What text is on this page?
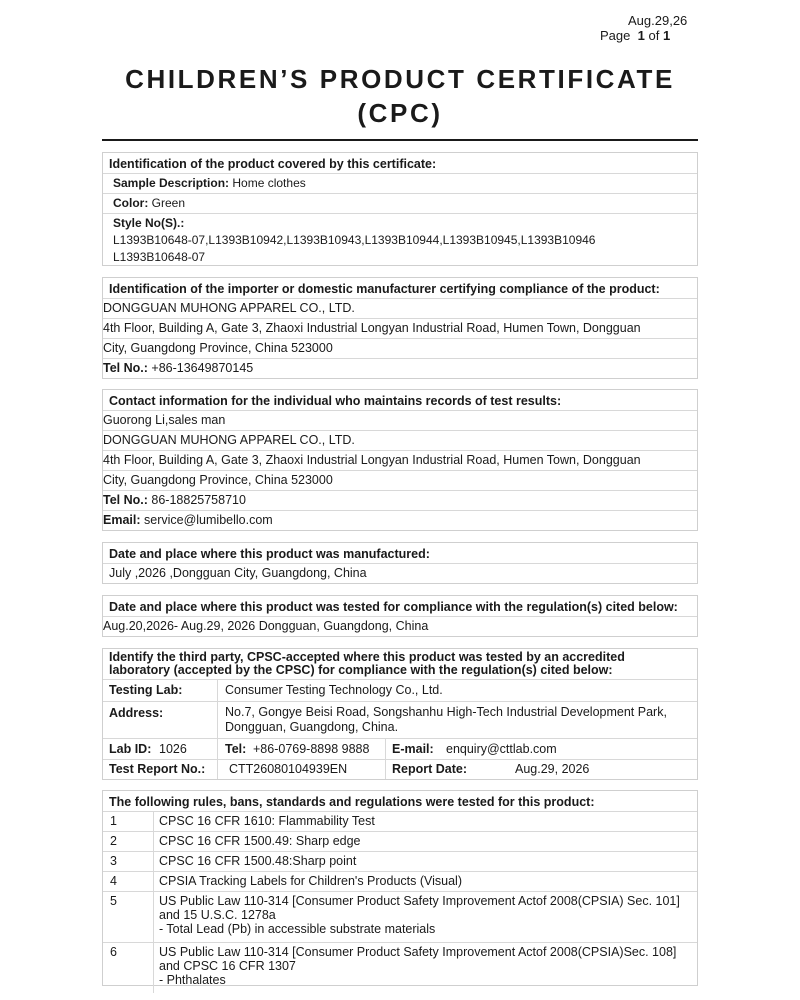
Aug.29,26
Page 1 of 1
CHILDREN’S PRODUCT CERTIFICATE
(CPC)
Identification of the product covered by this certificate:
Sample Description: Home clothes
Color: Green
Style No(S).:
L1393B10648-07,L1393B10942,L1393B10943,L1393B10944,L1393B10945,L1393B10946
L1393B10648-07
Identification of the importer or domestic manufacturer certifying compliance of the product:
DONGGUAN MUHONG APPAREL CO., LTD.
4th Floor, Building A, Gate 3, Zhaoxi Industrial Longyan Industrial Road, Humen Town, Dongguan
City, Guangdong Province, China 523000
Tel No.: +86-13649870145
Contact information for the individual who maintains records of test results:
Guorong Li,sales man
DONGGUAN MUHONG APPAREL CO., LTD.
4th Floor, Building A, Gate 3, Zhaoxi Industrial Longyan Industrial Road, Humen Town, Dongguan
City, Guangdong Province, China 523000
Tel No.: 86-18825758710
Email: service@lumibello.com
Date and place where this product was manufactured:
July ,2026 ,Dongguan City, Guangdong, China
Date and place where this product was tested for compliance with the regulation(s) cited below:
Aug.20,2026- Aug.29, 2026 Dongguan, Guangdong, China
Identify the third party, CPSC-accepted where this product was tested by an accredited
laboratory (accepted by the CPSC) for compliance with the regulation(s) cited below:
Testing Lab:	Consumer Testing Technology Co., Ltd.
Address:	No.7, Gongye Beisi Road, Songshanhu High-Tech Industrial Development Park,
Dongguan, Guangdong, China.
Lab ID: 1026	Tel: +86-0769-8898 9888 E-mail: enquiry@cttlab.com
Test Report No.: CTT26080104939EN	Report Date:	Aug.29, 2026
The following rules, bans, standards and regulations were tested for this product:
1	CPSC 16 CFR 1610: Flammability Test
2	CPSC 16 CFR 1500.49: Sharp edge
3	CPSC 16 CFR 1500.48:Sharp point
4	CPSIA Tracking Labels for Children's Products (Visual)
5	US Public Law 110-314 [Consumer Product Safety Improvement Actof 2008(CPSIA) Sec. 101]
and 15 U.S.C. 1278a
- Total Lead (Pb) in accessible substrate materials
6	US Public Law 110-314 [Consumer Product Safety Improvement Actof 2008(CPSIA)Sec. 108]
and CPSC 16 CFR 1307
- Phthalates
